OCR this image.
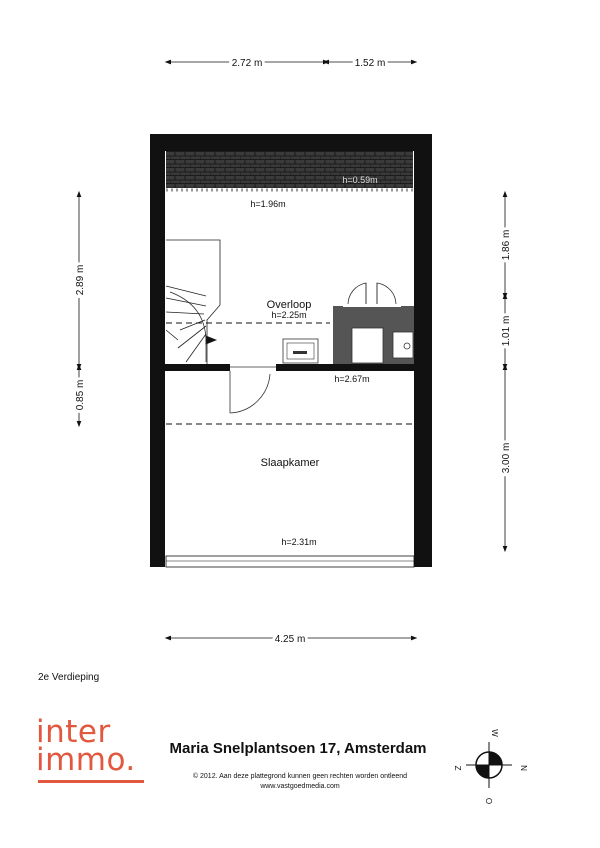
2.72 m	1.52 m
4.25 m
2.89 m
0.85 m
1.86 m
1.01 m
3.00 m
h=0.59m
h=1.96m
h=2.25m
h=2.67m
h=2.31m
Overloop
Slaapkamer
W
Z	N
O
2e Verdieping
inter
immo.	Maria Snelplantsoen 17, Amsterdam
© 2012. Aan deze plattegrond kunnen geen rechten worden ontleend
www.vastgoedmedia.com
